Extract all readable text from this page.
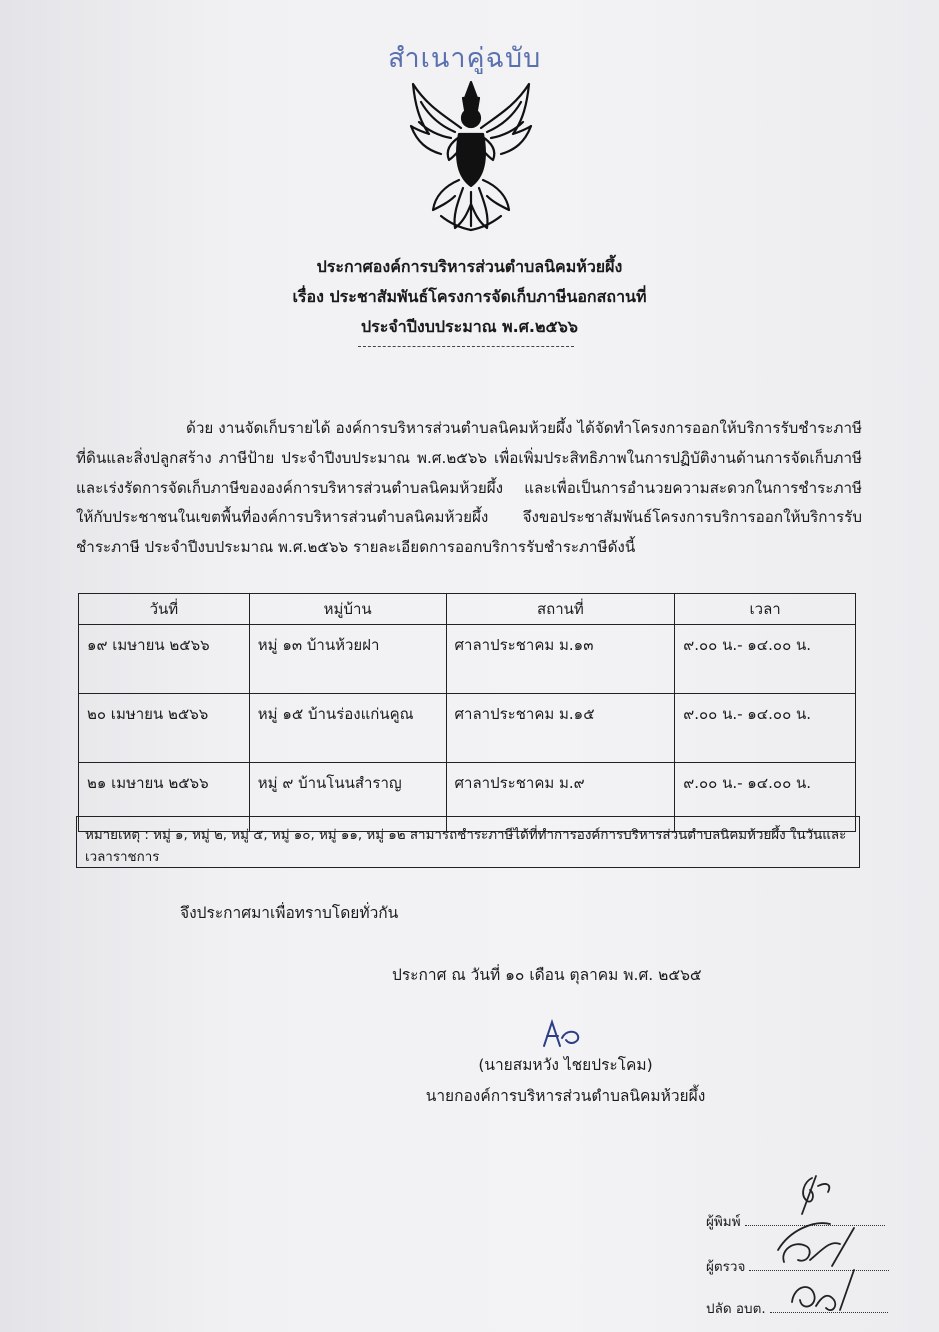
สำเนาคู่ฉบับ
ประกาศองค์การบริหารส่วนตำบลนิคมห้วยผึ้ง
เรื่อง ประชาสัมพันธ์โครงการจัดเก็บภาษีนอกสถานที่
ประจำปีงบประมาณ พ.ศ.๒๕๖๖

ด้วย งานจัดเก็บรายได้ องค์การบริหารส่วนตำบลนิคมห้วยผึ้ง ได้จัดทำโครงการออกให้บริการรับชำระภาษีที่ดินและสิ่งปลูกสร้าง ภาษีป้าย ประจำปีงบประมาณ พ.ศ.๒๕๖๖ เพื่อเพิ่มประสิทธิภาพในการปฏิบัติงานด้านการจัดเก็บภาษีและเร่งรัดการจัดเก็บภาษีขององค์การบริหารส่วนตำบลนิคมห้วยผึ้ง และเพื่อเป็นการอำนวยความสะดวกในการชำระภาษี ให้กับประชาชนในเขตพื้นที่องค์การบริหารส่วนตำบลนิคมห้วยผึ้ง จึงขอประชาสัมพันธ์โครงการบริการออกให้บริการรับชำระภาษี ประจำปีงบประมาณ พ.ศ.๒๕๖๖ รายละเอียดการออกบริการรับชำระภาษีดังนี้

วันที่	หมู่บ้าน	สถานที่	เวลา
๑๙ เมษายน ๒๕๖๖	หมู่ ๑๓ บ้านห้วยฝา	ศาลาประชาคม ม.๑๓	๙.๐๐ น.- ๑๔.๐๐ น.
๒๐ เมษายน ๒๕๖๖	หมู่ ๑๕ บ้านร่องแก่นคูณ	ศาลาประชาคม ม.๑๕	๙.๐๐ น.- ๑๔.๐๐ น.
๒๑ เมษายน ๒๕๖๖	หมู่ ๙ บ้านโนนสำราญ	ศาลาประชาคม ม.๙	๙.๐๐ น.- ๑๔.๐๐ น.
หมายเหตุ : หมู่ ๑, หมู่ ๒, หมู่ ๕, หมู่ ๑๐, หมู่ ๑๑, หมู่ ๑๒ สามารถชำระภาษีได้ที่ทำการองค์การบริหารส่วนตำบลนิคมห้วยผึ้ง ในวันและเวลาราชการ
จึงประกาศมาเพื่อทราบโดยทั่วกัน
ประกาศ ณ วันที่ ๑๐ เดือน ตุลาคม พ.ศ. ๒๕๖๕
(นายสมหวัง ไชยประโคม)
นายกองค์การบริหารส่วนตำบลนิคมห้วยผึ้ง
ผู้พิมพ์
ผู้ตรวจ
ปลัด อบต.
